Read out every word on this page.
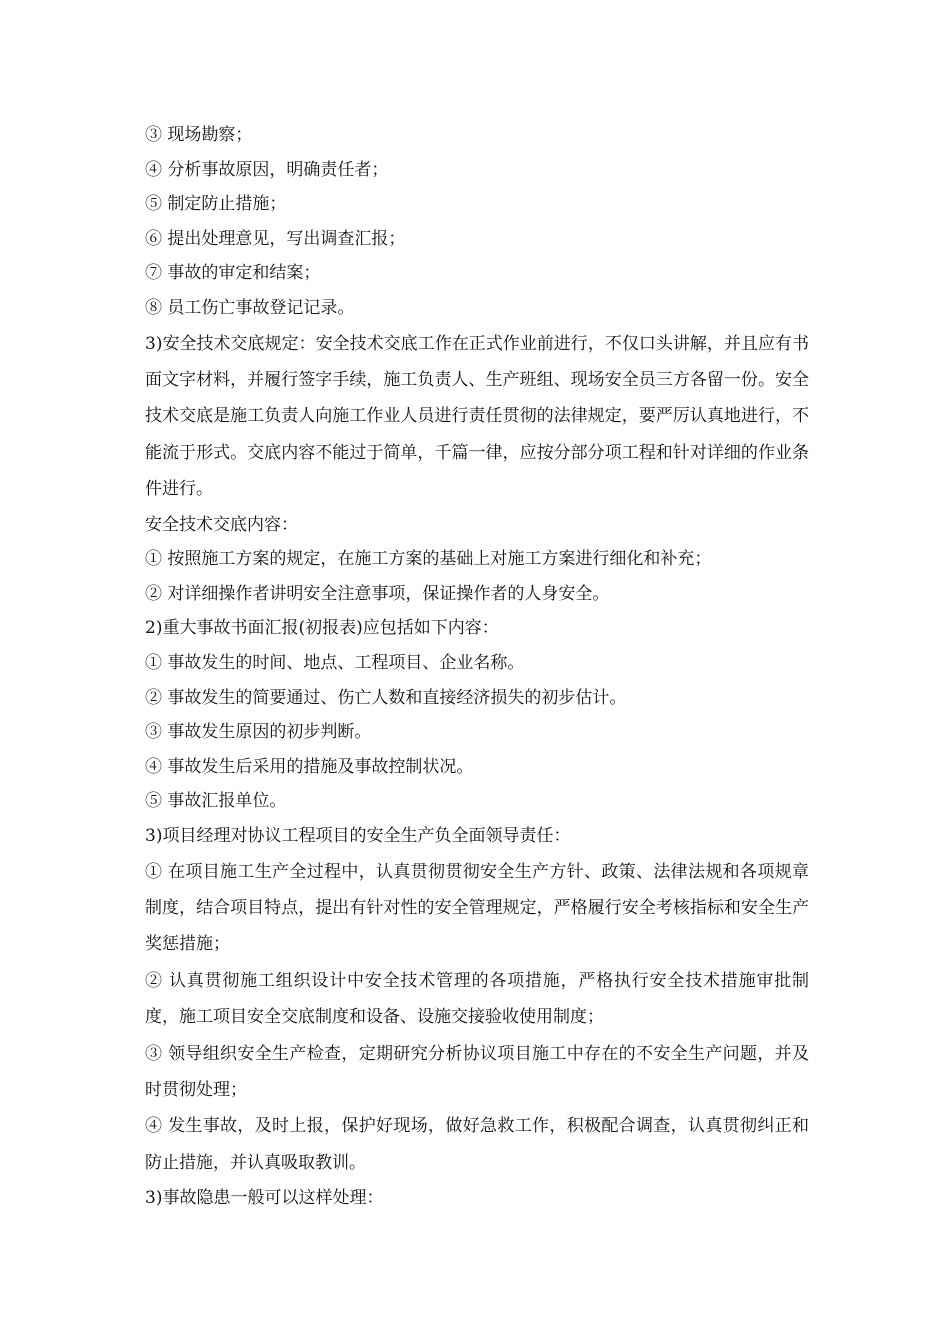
③ 现场勘察；
④ 分析事故原因，明确责任者；
⑤ 制定防止措施；
⑥ 提出处理意见，写出调查汇报；
⑦ 事故的审定和结案；
⑧ 员工伤亡事故登记记录。

3)安全技术交底规定：安全技术交底工作在正式作业前进行，不仅口头讲解，并且应有书面文字材料，并履行签字手续，施工负责人、生产班组、现场安全员三方各留一份。安全技术交底是施工负责人向施工作业人员进行责任贯彻的法律规定，要严厉认真地进行，不能流于形式。交底内容不能过于简单，千篇一律，应按分部分项工程和针对详细的作业条件进行。

安全技术交底内容：
① 按照施工方案的规定，在施工方案的基础上对施工方案进行细化和补充；
② 对详细操作者讲明安全注意事项，保证操作者的人身安全。
2)重大事故书面汇报(初报表)应包括如下内容：
① 事故发生的时间、地点、工程项目、企业名称。
② 事故发生的简要通过、伤亡人数和直接经济损失的初步估计。
③ 事故发生原因的初步判断。
④ 事故发生后采用的措施及事故控制状况。
⑤ 事故汇报单位。
3)项目经理对协议工程项目的安全生产负全面领导责任：

① 在项目施工生产全过程中，认真贯彻贯彻安全生产方针、政策、法律法规和各项规章制度，结合项目特点，提出有针对性的安全管理规定，严格履行安全考核指标和安全生产奖惩措施；

② 认真贯彻施工组织设计中安全技术管理的各项措施，严格执行安全技术措施审批制度，施工项目安全交底制度和设备、设施交接验收使用制度；

③ 领导组织安全生产检查，定期研究分析协议项目施工中存在的不安全生产问题，并及时贯彻处理；

④ 发生事故，及时上报，保护好现场，做好急救工作，积极配合调查，认真贯彻纠正和防止措施，并认真吸取教训。

3)事故隐患一般可以这样处理：
